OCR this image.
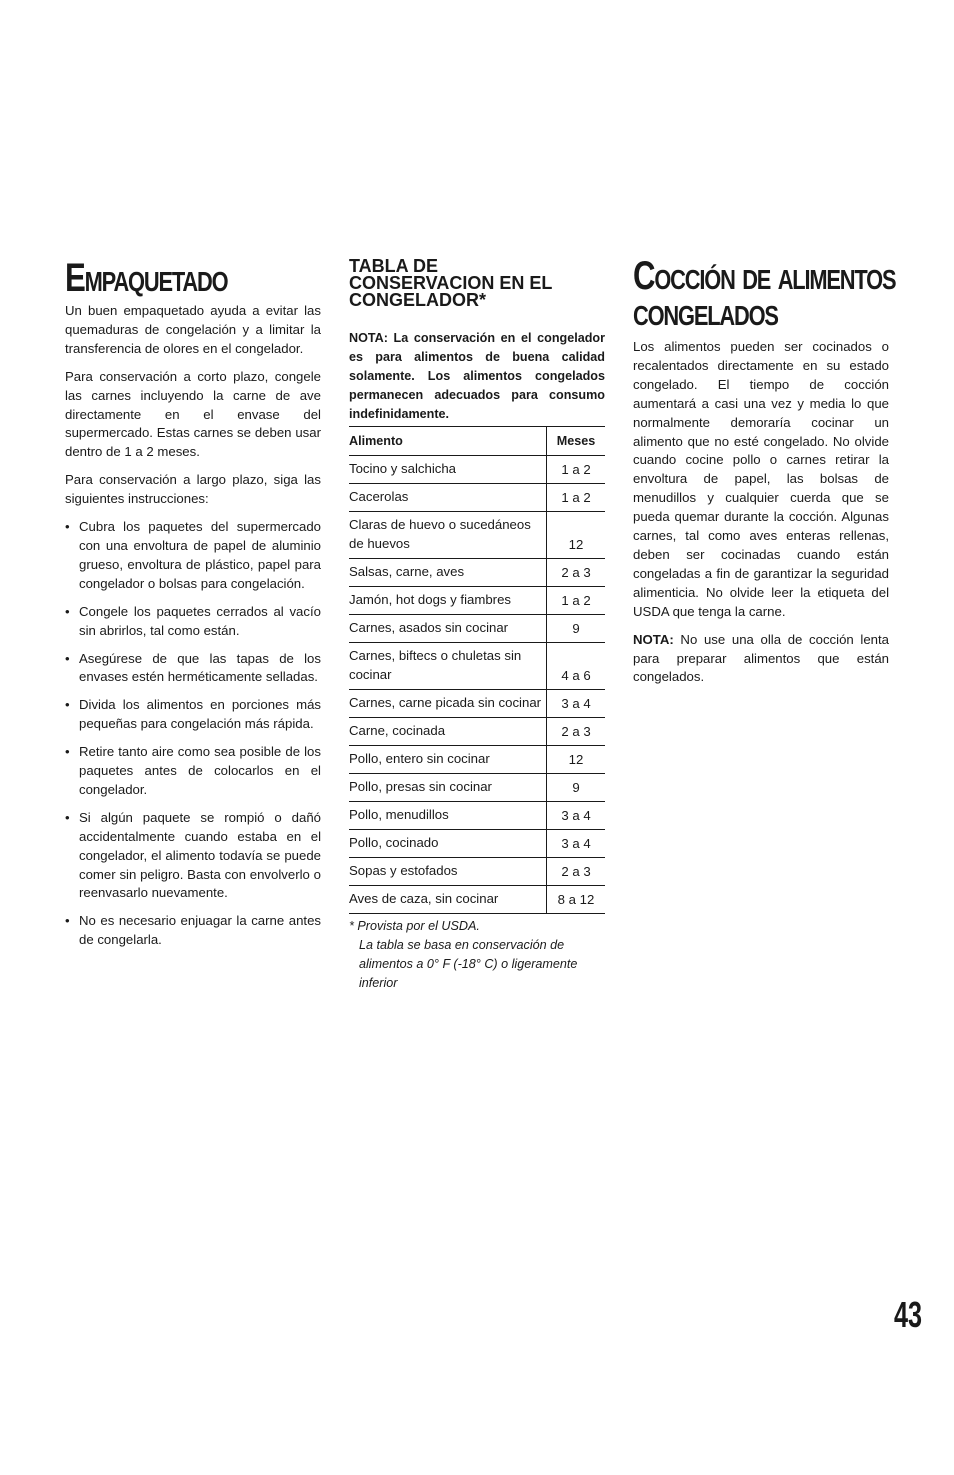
Empaquetado

Un buen empaquetado ayuda a evitar las quemaduras de congelación y a limitar la transferencia de olores en el congelador.

Para conservación a corto plazo, congele las carnes incluyendo la carne de ave directamente en el envase del supermercado. Estas carnes se deben usar dentro de 1 a 2 meses.

Para conservación a largo plazo, siga las siguientes instrucciones:

• Cubra los paquetes del supermercado con una envoltura de papel de aluminio grueso, envoltura de plástico, papel para congelador o bolsas para congelación.
• Congele los paquetes cerrados al vacío sin abrirlos, tal como están.
• Asegúrese de que las tapas de los envases estén herméticamente selladas.
• Divida los alimentos en porciones más pequeñas para congelación más rápida.
• Retire tanto aire como sea posible de los paquetes antes de colocarlos en el congelador.
• Si algún paquete se rompió o dañó accidentalmente cuando estaba en el congelador, el alimento todavía se puede comer sin peligro. Basta con envolverlo o reenvasarlo nuevamente.
• No es necesario enjuagar la carne antes de congelarla.
TABLA DE
CONSERVACION EN EL
CONGELADOR*

NOTA: La conservación en el congelador es para alimentos de buena calidad solamente. Los alimentos congelados permanecen adecuados para consumo indefinidamente.

Alimento	Meses
Tocino y salchicha	1 a 2
Cacerolas	1 a 2
Claras de huevo o sucedáneos de huevos	12
Salsas, carne, aves	2 a 3
Jamón, hot dogs y fiambres	1 a 2
Carnes, asados sin cocinar	9
Carnes, biftecs o chuletas sin cocinar	4 a 6
Carnes, carne picada sin cocinar	3 a 4
Carne, cocinada	2 a 3
Pollo, entero sin cocinar	12
Pollo, presas sin cocinar	9
Pollo, menudillos	3 a 4
Pollo, cocinado	3 a 4
Sopas y estofados	2 a 3
Aves de caza, sin cocinar	8 a 12
* Provista por el USDA.
La tabla se basa en conservación de alimentos a 0° F (-18° C) o ligeramente inferior
Cocción de alimentos
congelados

Los alimentos pueden ser cocinados o recalentados directamente en su estado congelado. El tiempo de cocción aumentará a casi una vez y media lo que normalmente demoraría cocinar un alimento que no esté congelado. No olvide cuando cocine pollo o carnes retirar la envoltura de papel, las bolsas de menudillos y cualquier cuerda que se pueda quemar durante la cocción. Algunas carnes, tal como aves enteras rellenas, deben ser cocinadas cuando están congeladas a fin de garantizar la seguridad alimenticia. No olvide leer la etiqueta del USDA que tenga la carne.

NOTA: No use una olla de cocción lenta para preparar alimentos que están congelados.

43
